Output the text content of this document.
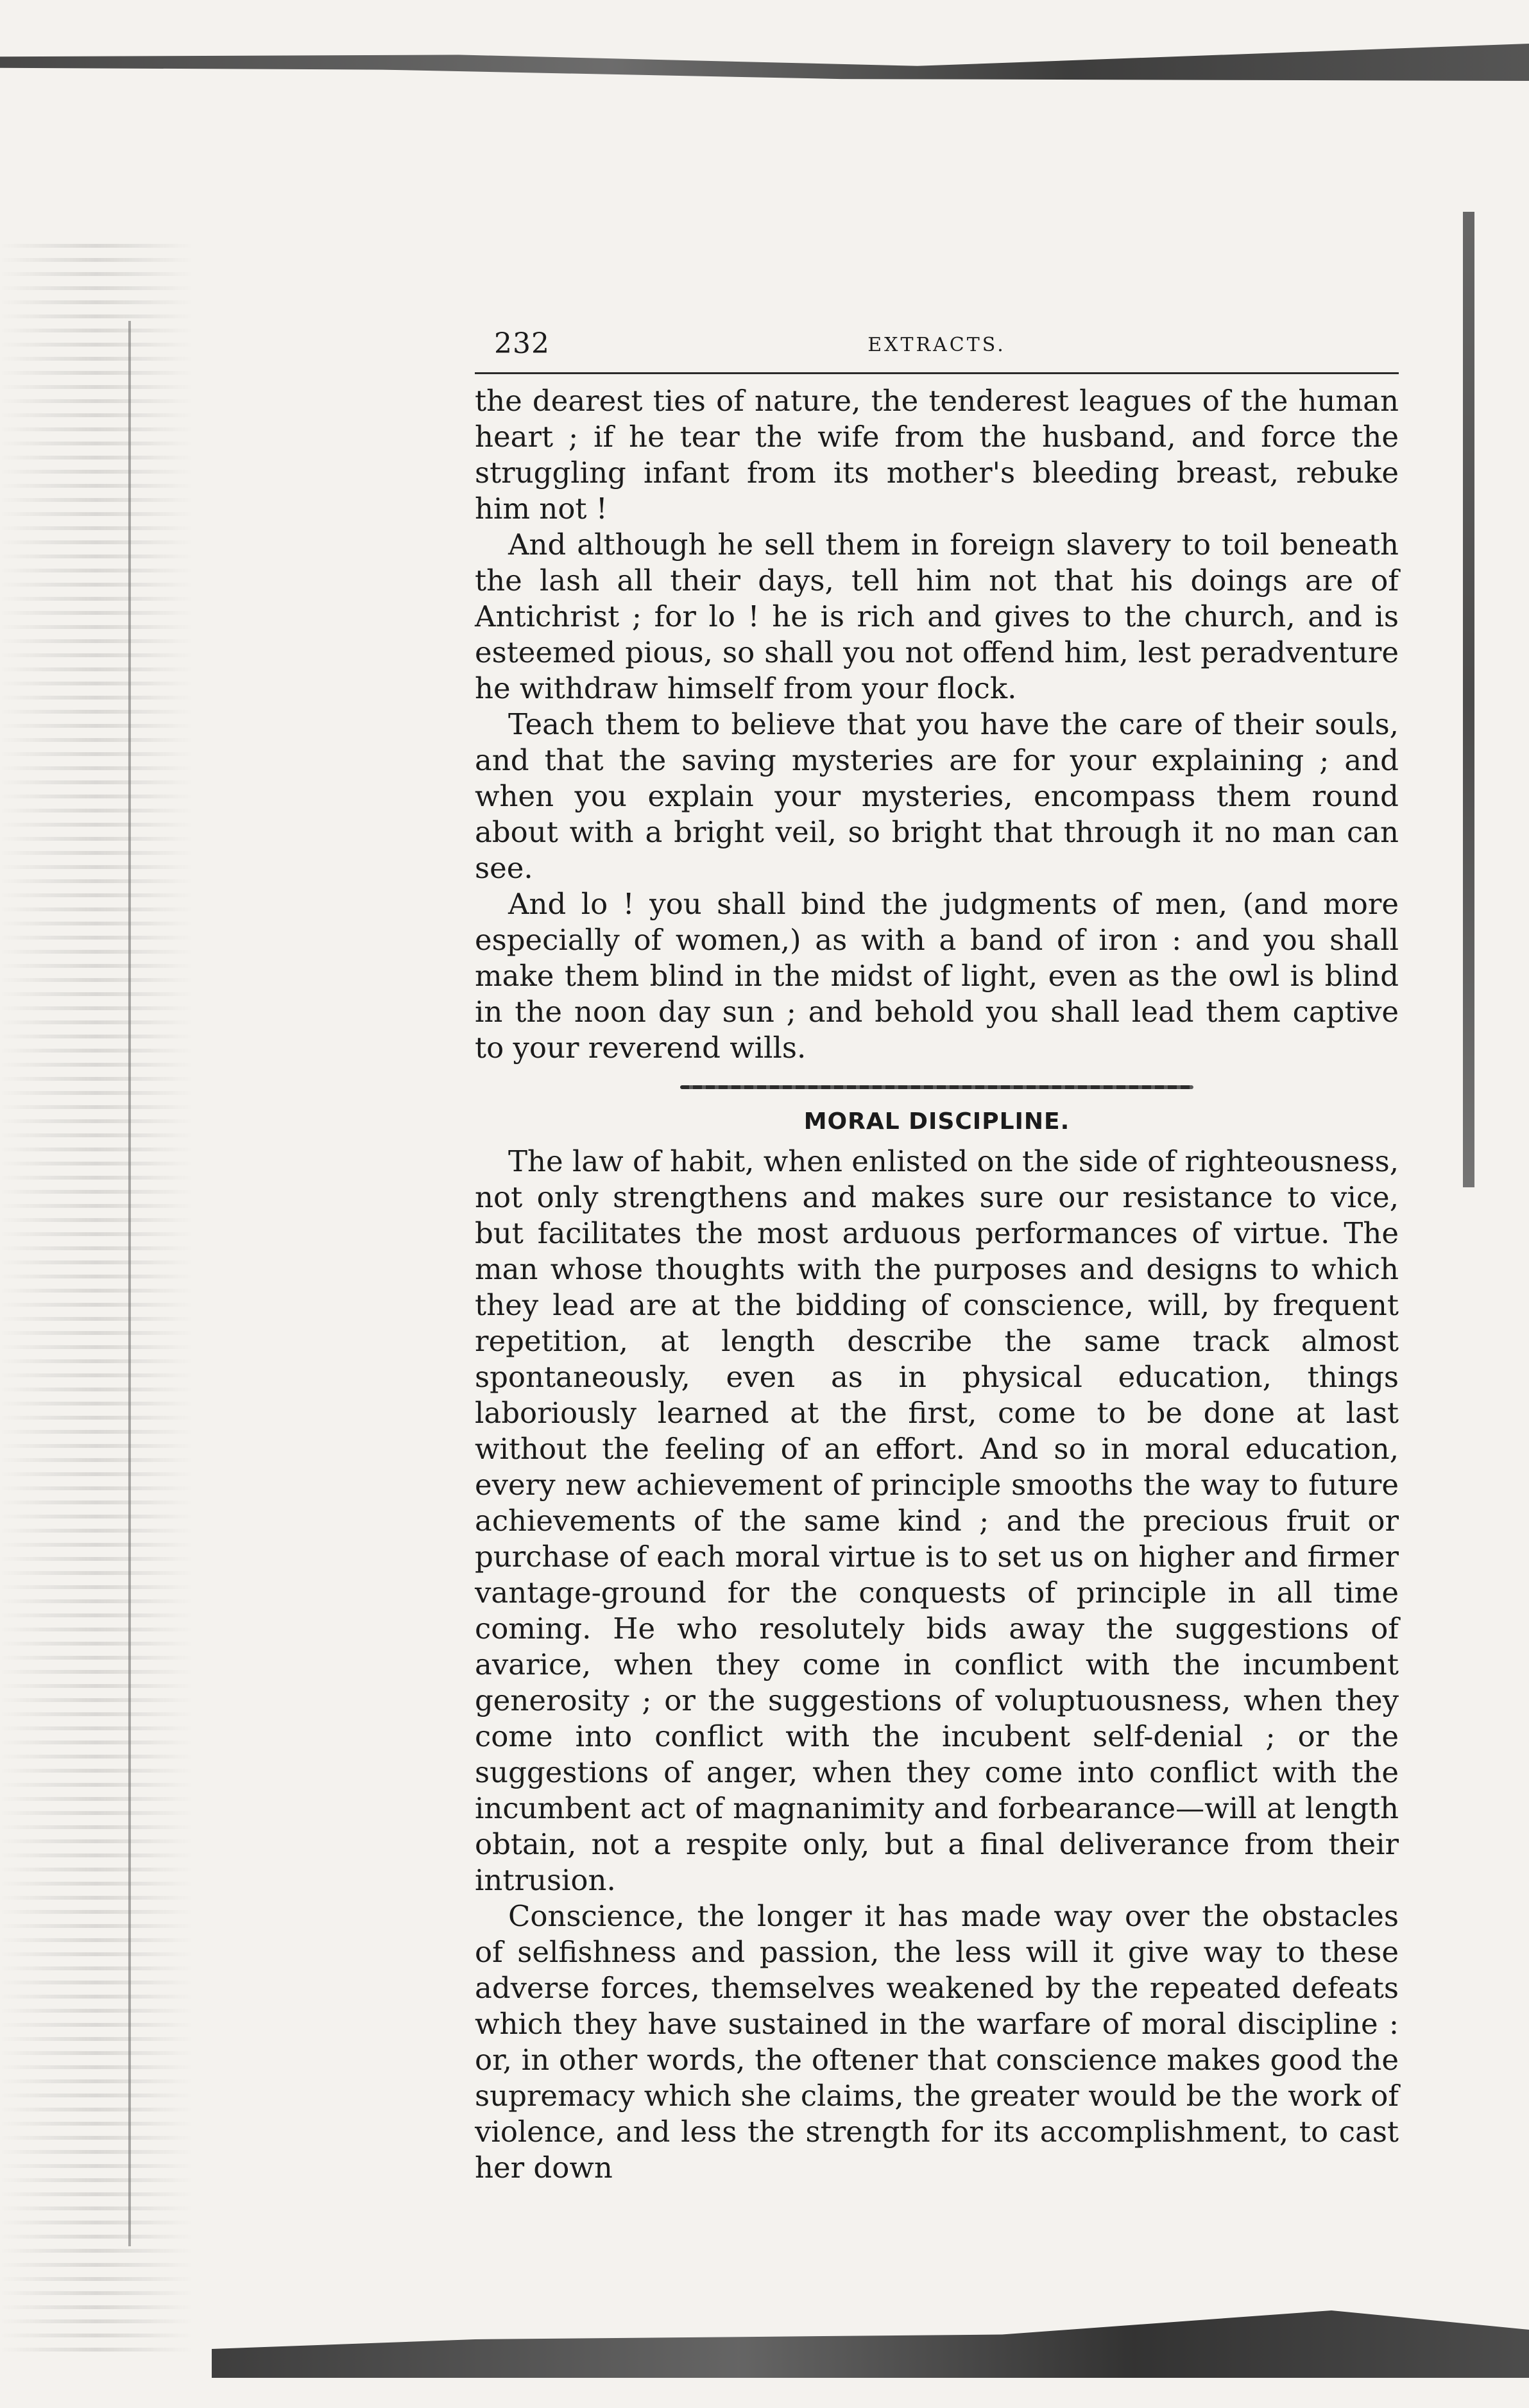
232	EXTRACTS.

the dearest ties of nature, the tenderest leagues of the human heart ; if he tear the wife from the husband, and force the struggling infant from its mother's bleeding breast, rebuke him not !

And although he sell them in foreign slavery to toil beneath the lash all their days, tell him not that his doings are of Antichrist ; for lo ! he is rich and gives to the church, and is esteemed pious, so shall you not offend him, lest peradventure he withdraw himself from your flock.

Teach them to believe that you have the care of their souls, and that the saving mysteries are for your explaining ; and when you explain your mysteries, encompass them round about with a bright veil, so bright that through it no man can see.

And lo ! you shall bind the judgments of men, (and more especially of women,) as with a band of iron : and you shall make them blind in the midst of light, even as the owl is blind in the noon day sun ; and behold you shall lead them captive to your reverend wills.

MORAL DISCIPLINE.

The law of habit, when enlisted on the side of righteousness, not only strengthens and makes sure our resistance to vice, but facilitates the most arduous performances of virtue. The man whose thoughts with the purposes and designs to which they lead are at the bidding of conscience, will, by frequent repetition, at length describe the same track almost spontaneously, even as in physical education, things laboriously learned at the first, come to be done at last without the feeling of an effort. And so in moral education, every new achievement of principle smooths the way to future achievements of the same kind ; and the precious fruit or purchase of each moral virtue is to set us on higher and firmer vantage-ground for the conquests of principle in all time coming. He who resolutely bids away the suggestions of avarice, when they come in conflict with the incumbent generosity ; or the suggestions of voluptuousness, when they come into conflict with the incubent self-denial ; or the suggestions of anger, when they come into conflict with the incumbent act of magnanimity and forbearance—will at length obtain, not a respite only, but a final deliverance from their intrusion.

Conscience, the longer it has made way over the obstacles of selfishness and passion, the less will it give way to these adverse forces, themselves weakened by the repeated defeats which they have sustained in the warfare of moral discipline : or, in other words, the oftener that conscience makes good the supremacy which she claims, the greater would be the work of violence, and less the strength for its accomplishment, to cast her down
